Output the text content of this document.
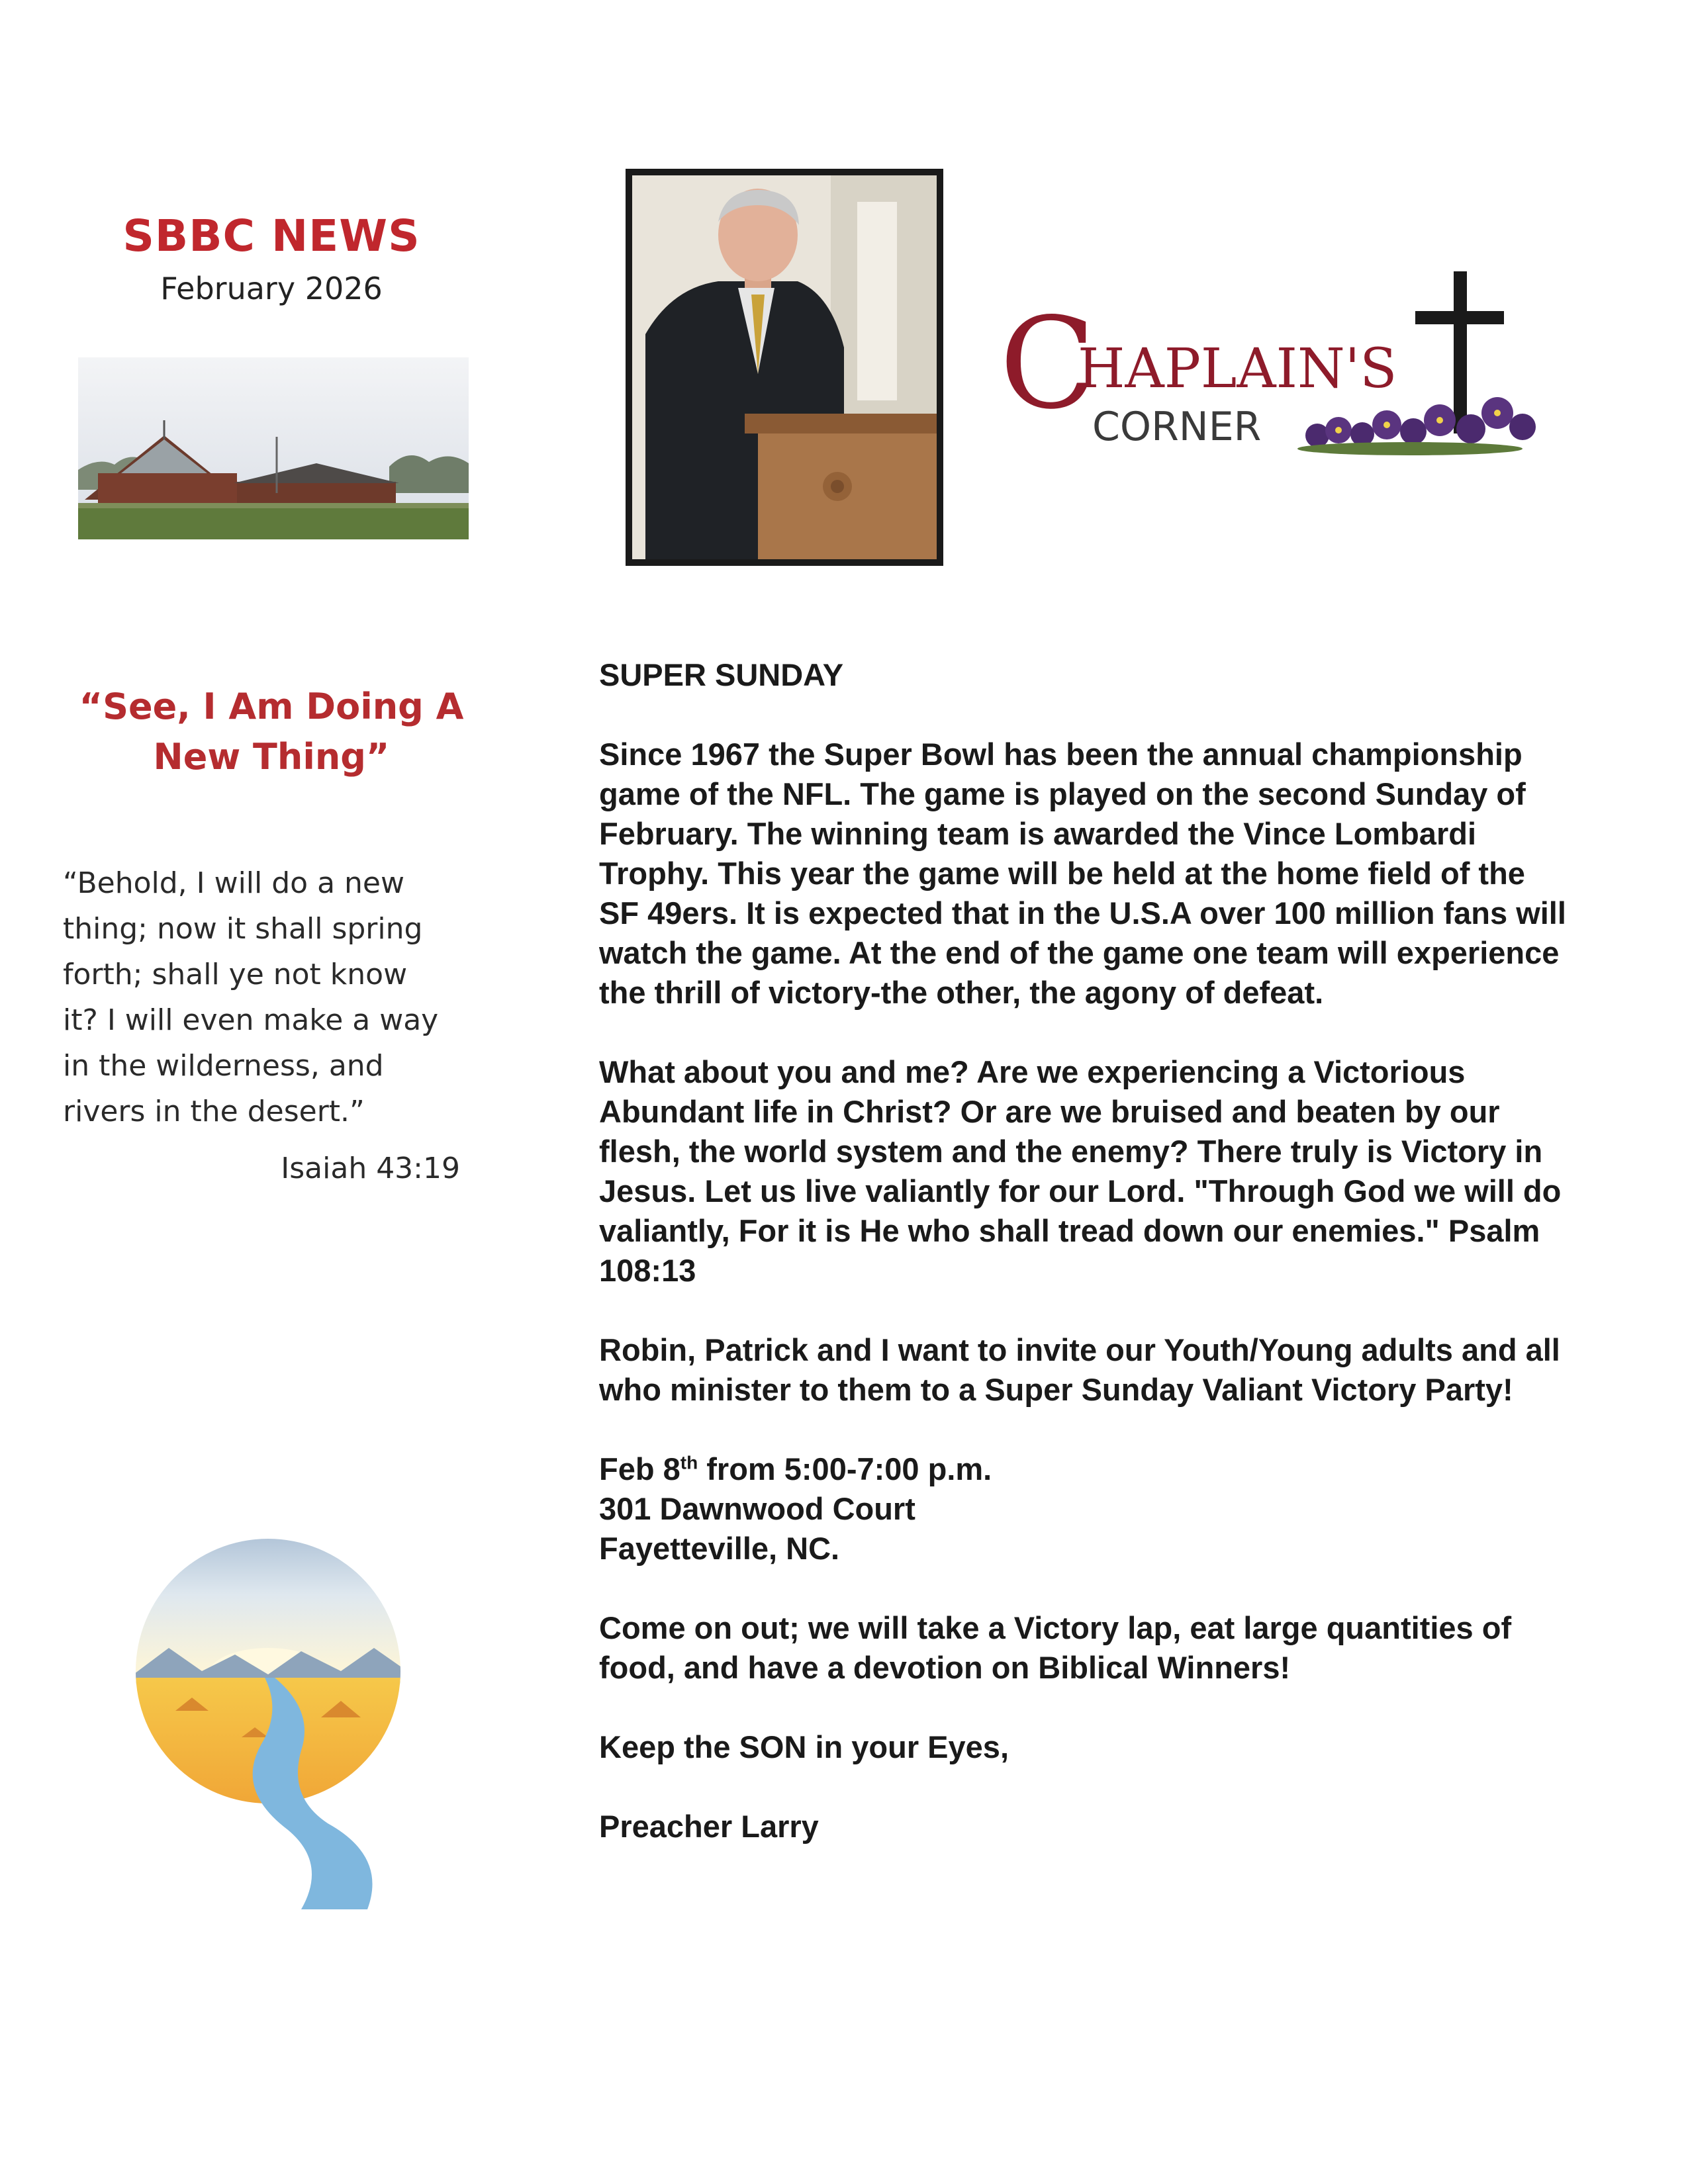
SBBC NEWS
February 2026
C
HAPLAIN'S
CORNER
“See, I Am Doing A
New Thing”
“Behold, I will do a new
thing; now it shall spring
forth; shall ye not know
it? I will even make a way
in the wilderness, and
rivers in the desert.”
Isaiah 43:19

SUPER SUNDAY

Since 1967 the Super Bowl has been the annual championship game of the NFL. The game is played on the second Sunday of February. The winning team is awarded the Vince Lombardi Trophy. This year the game will be held at the home field of the SF 49ers. It is expected that in the U.S.A over 100 million fans will watch the game. At the end of the game one team will experience the thrill of victory-the other, the agony of defeat.

What about you and me? Are we experiencing a Victorious Abundant life in Christ? Or are we bruised and beaten by our flesh, the world system and the enemy? There truly is Victory in Jesus. Let us live valiantly for our Lord. "Through God we will do valiantly, For it is He who shall tread down our enemies." Psalm 108:13

Robin, Patrick and I want to invite our Youth/Young adults and all who minister to them to a Super Sunday Valiant Victory Party!

Feb 8th from 5:00-7:00 p.m.
301 Dawnwood Court
Fayetteville, NC.

Come on out; we will take a Victory lap, eat large quantities of food, and have a devotion on Biblical Winners!

Keep the SON in your Eyes,

Preacher Larry
